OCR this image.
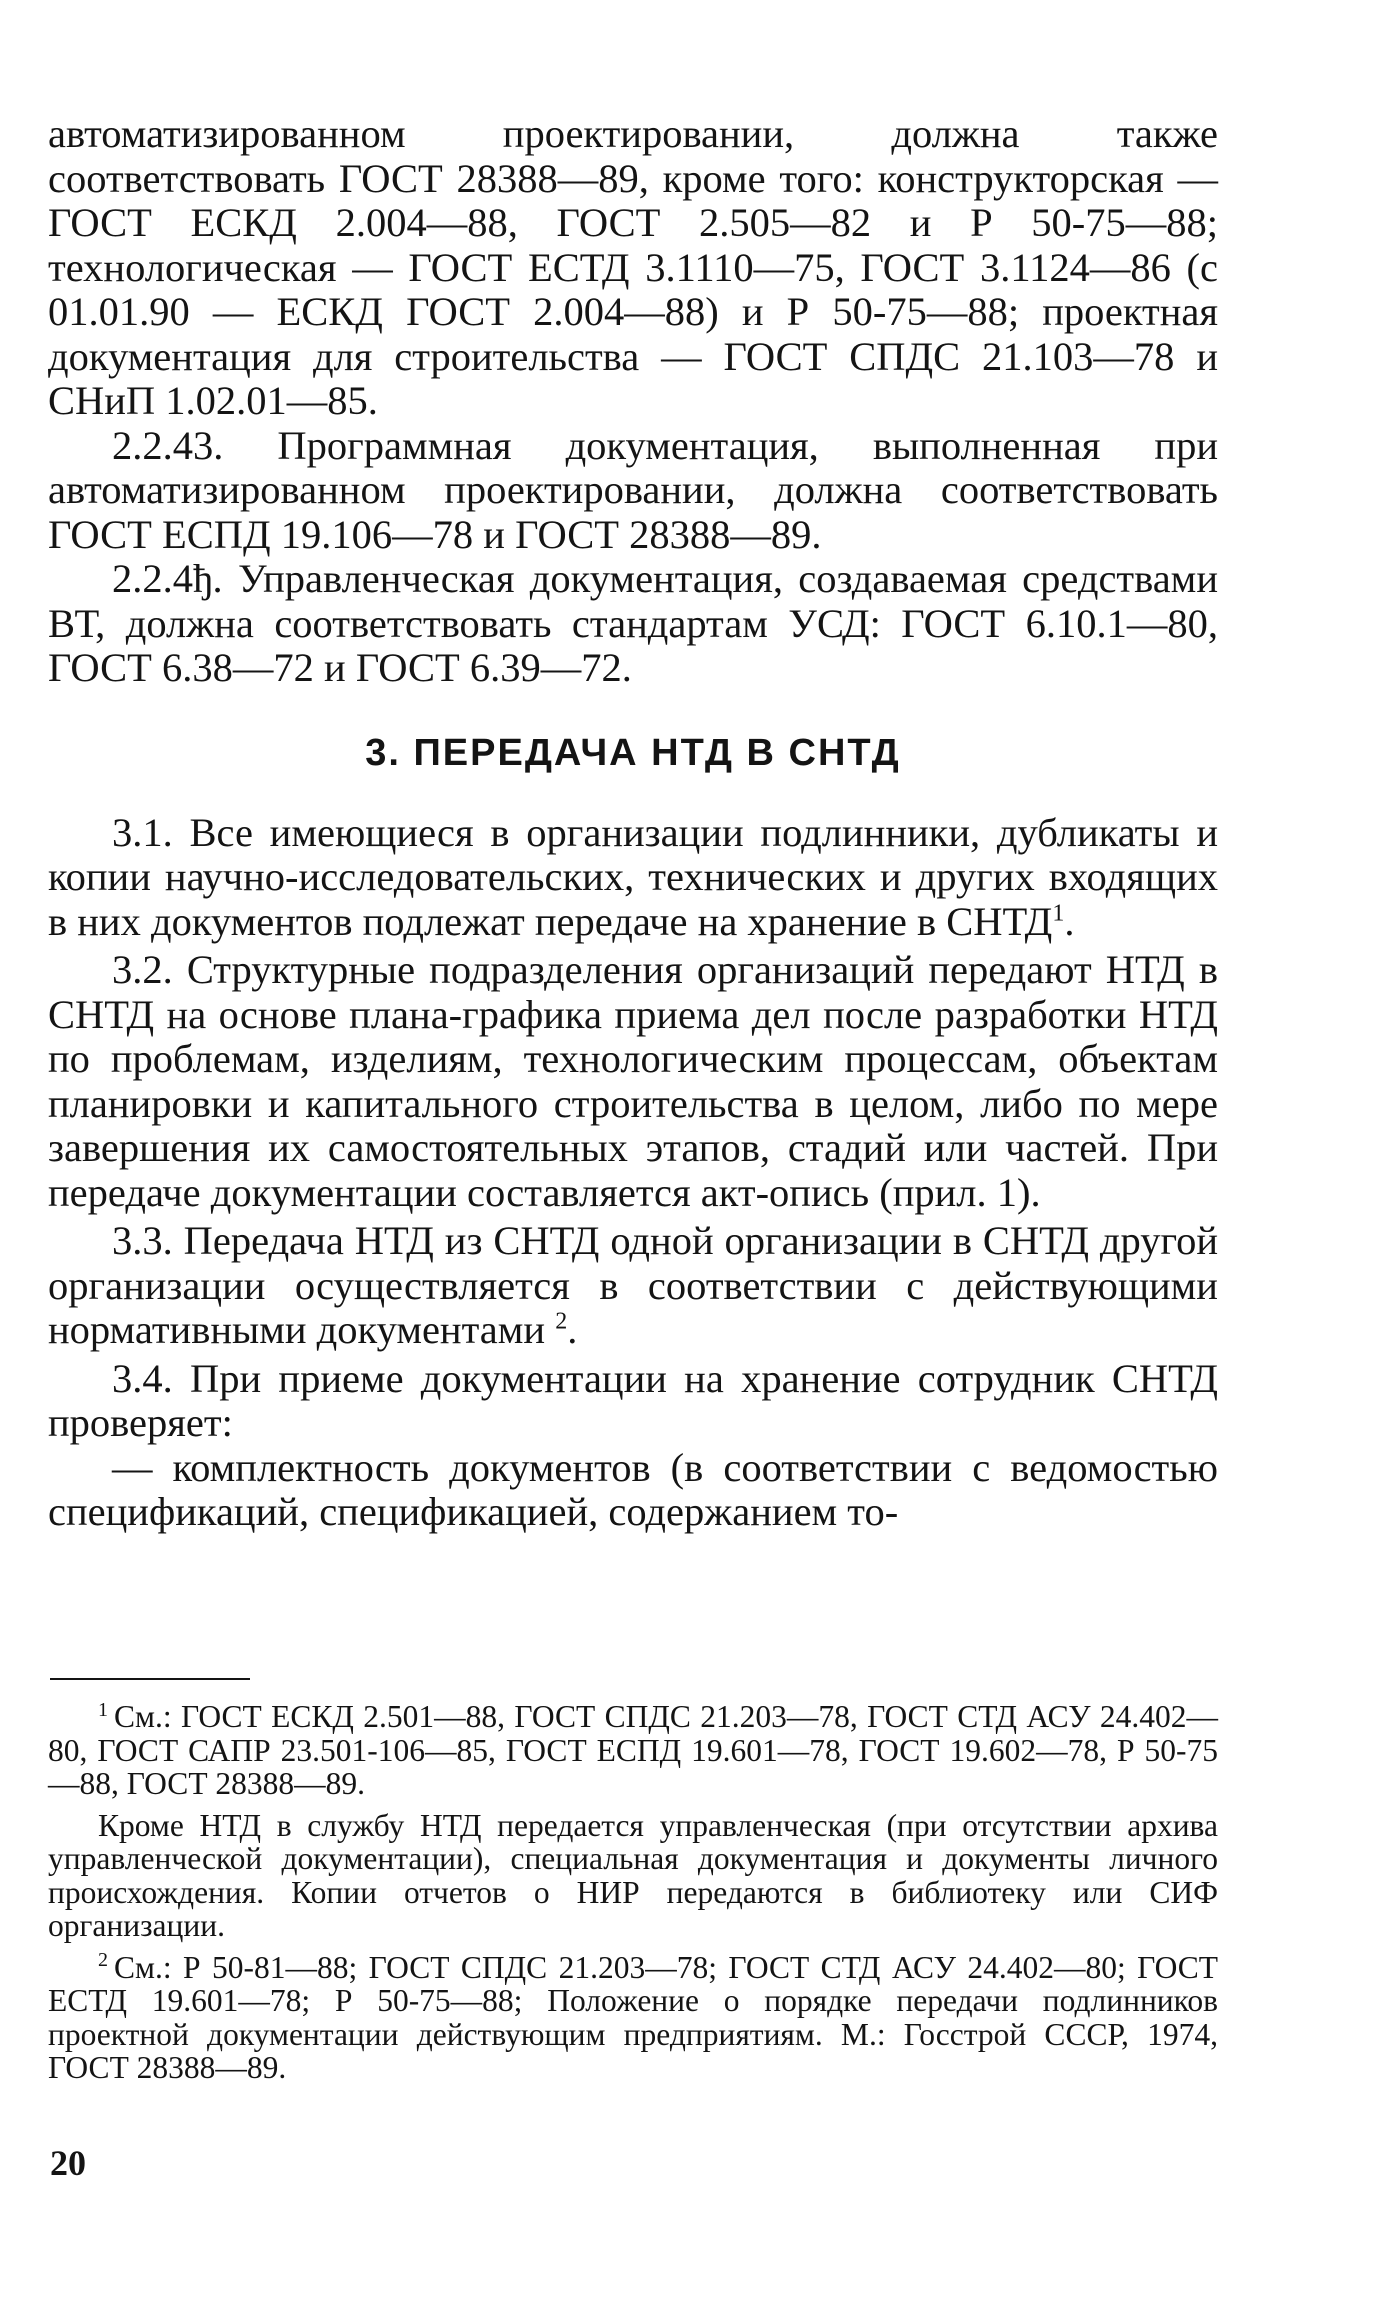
автоматизированном проектировании, должна также соответствовать ГОСТ 28388—89, кроме того: конструкторская — ГОСТ ЕСКД 2.004—88, ГОСТ 2.505—82 и Р 50-75—88; технологическая — ГОСТ ЕСТД 3.1110—75, ГОСТ 3.1124—86 (с 01.01.90 — ЕСКД ГОСТ 2.004—88) и Р 50-75—88; проектная документация для строительства — ГОСТ СПДС 21.103—78 и СНиП 1.02.01—85.

2.2.43. Программная документация, выполненная при автоматизированном проектировании, должна соответствовать ГОСТ ЕСПД 19.106—78 и ГОСТ 28388—89.

2.2.4ђ. Управленческая документация, создаваемая средствами ВТ, должна соответствовать стандартам УСД: ГОСТ 6.10.1—80, ГОСТ 6.38—72 и ГОСТ 6.39—72.

3. ПЕРЕДАЧА НТД В СНТД

3.1. Все имеющиеся в организации подлинники, дубликаты и копии научно-исследовательских, технических и других входящих в них документов подлежат передаче на хранение в СНТД$^1$.

3.2. Структурные подразделения организаций передают НТД в СНТД на основе плана-графика приема дел после разработки НТД по проблемам, изделиям, технологическим процессам, объектам планировки и капитального строительства в целом, либо по мере завершения их самостоятельных этапов, стадий или частей. При передаче документации составляется акт-опись (прил. 1).

3.3. Передача НТД из СНТД одной организации в СНТД другой организации осуществляется в соответствии с действующими нормативными документами $^2$.

3.4. При приеме документации на хранение сотрудник СНТД проверяет:

— комплектность документов (в соответствии с ведомостью спецификаций, спецификацией, содержанием то-

$^1$ См.: ГОСТ ЕСКД 2.501—88, ГОСТ СПДС 21.203—78, ГОСТ СТД АСУ 24.402—80, ГОСТ САПР 23.501-106—85, ГОСТ ЕСПД 19.601—78, ГОСТ 19.602—78, Р 50-75—88, ГОСТ 28388—89.

Кроме НТД в службу НТД передается управленческая (при отсутствии архива управленческой документации), специальная документация и документы личного происхождения. Копии отчетов о НИР передаются в библиотеку или СИФ организации.

$^2$ См.: Р 50-81—88; ГОСТ СПДС 21.203—78; ГОСТ СТД АСУ 24.402—80; ГОСТ ЕСТД 19.601—78; Р 50-75—88; Положение о порядке передачи подлинников проектной документации действующим предприятиям. М.: Госстрой СССР, 1974, ГОСТ 28388—89.

20
